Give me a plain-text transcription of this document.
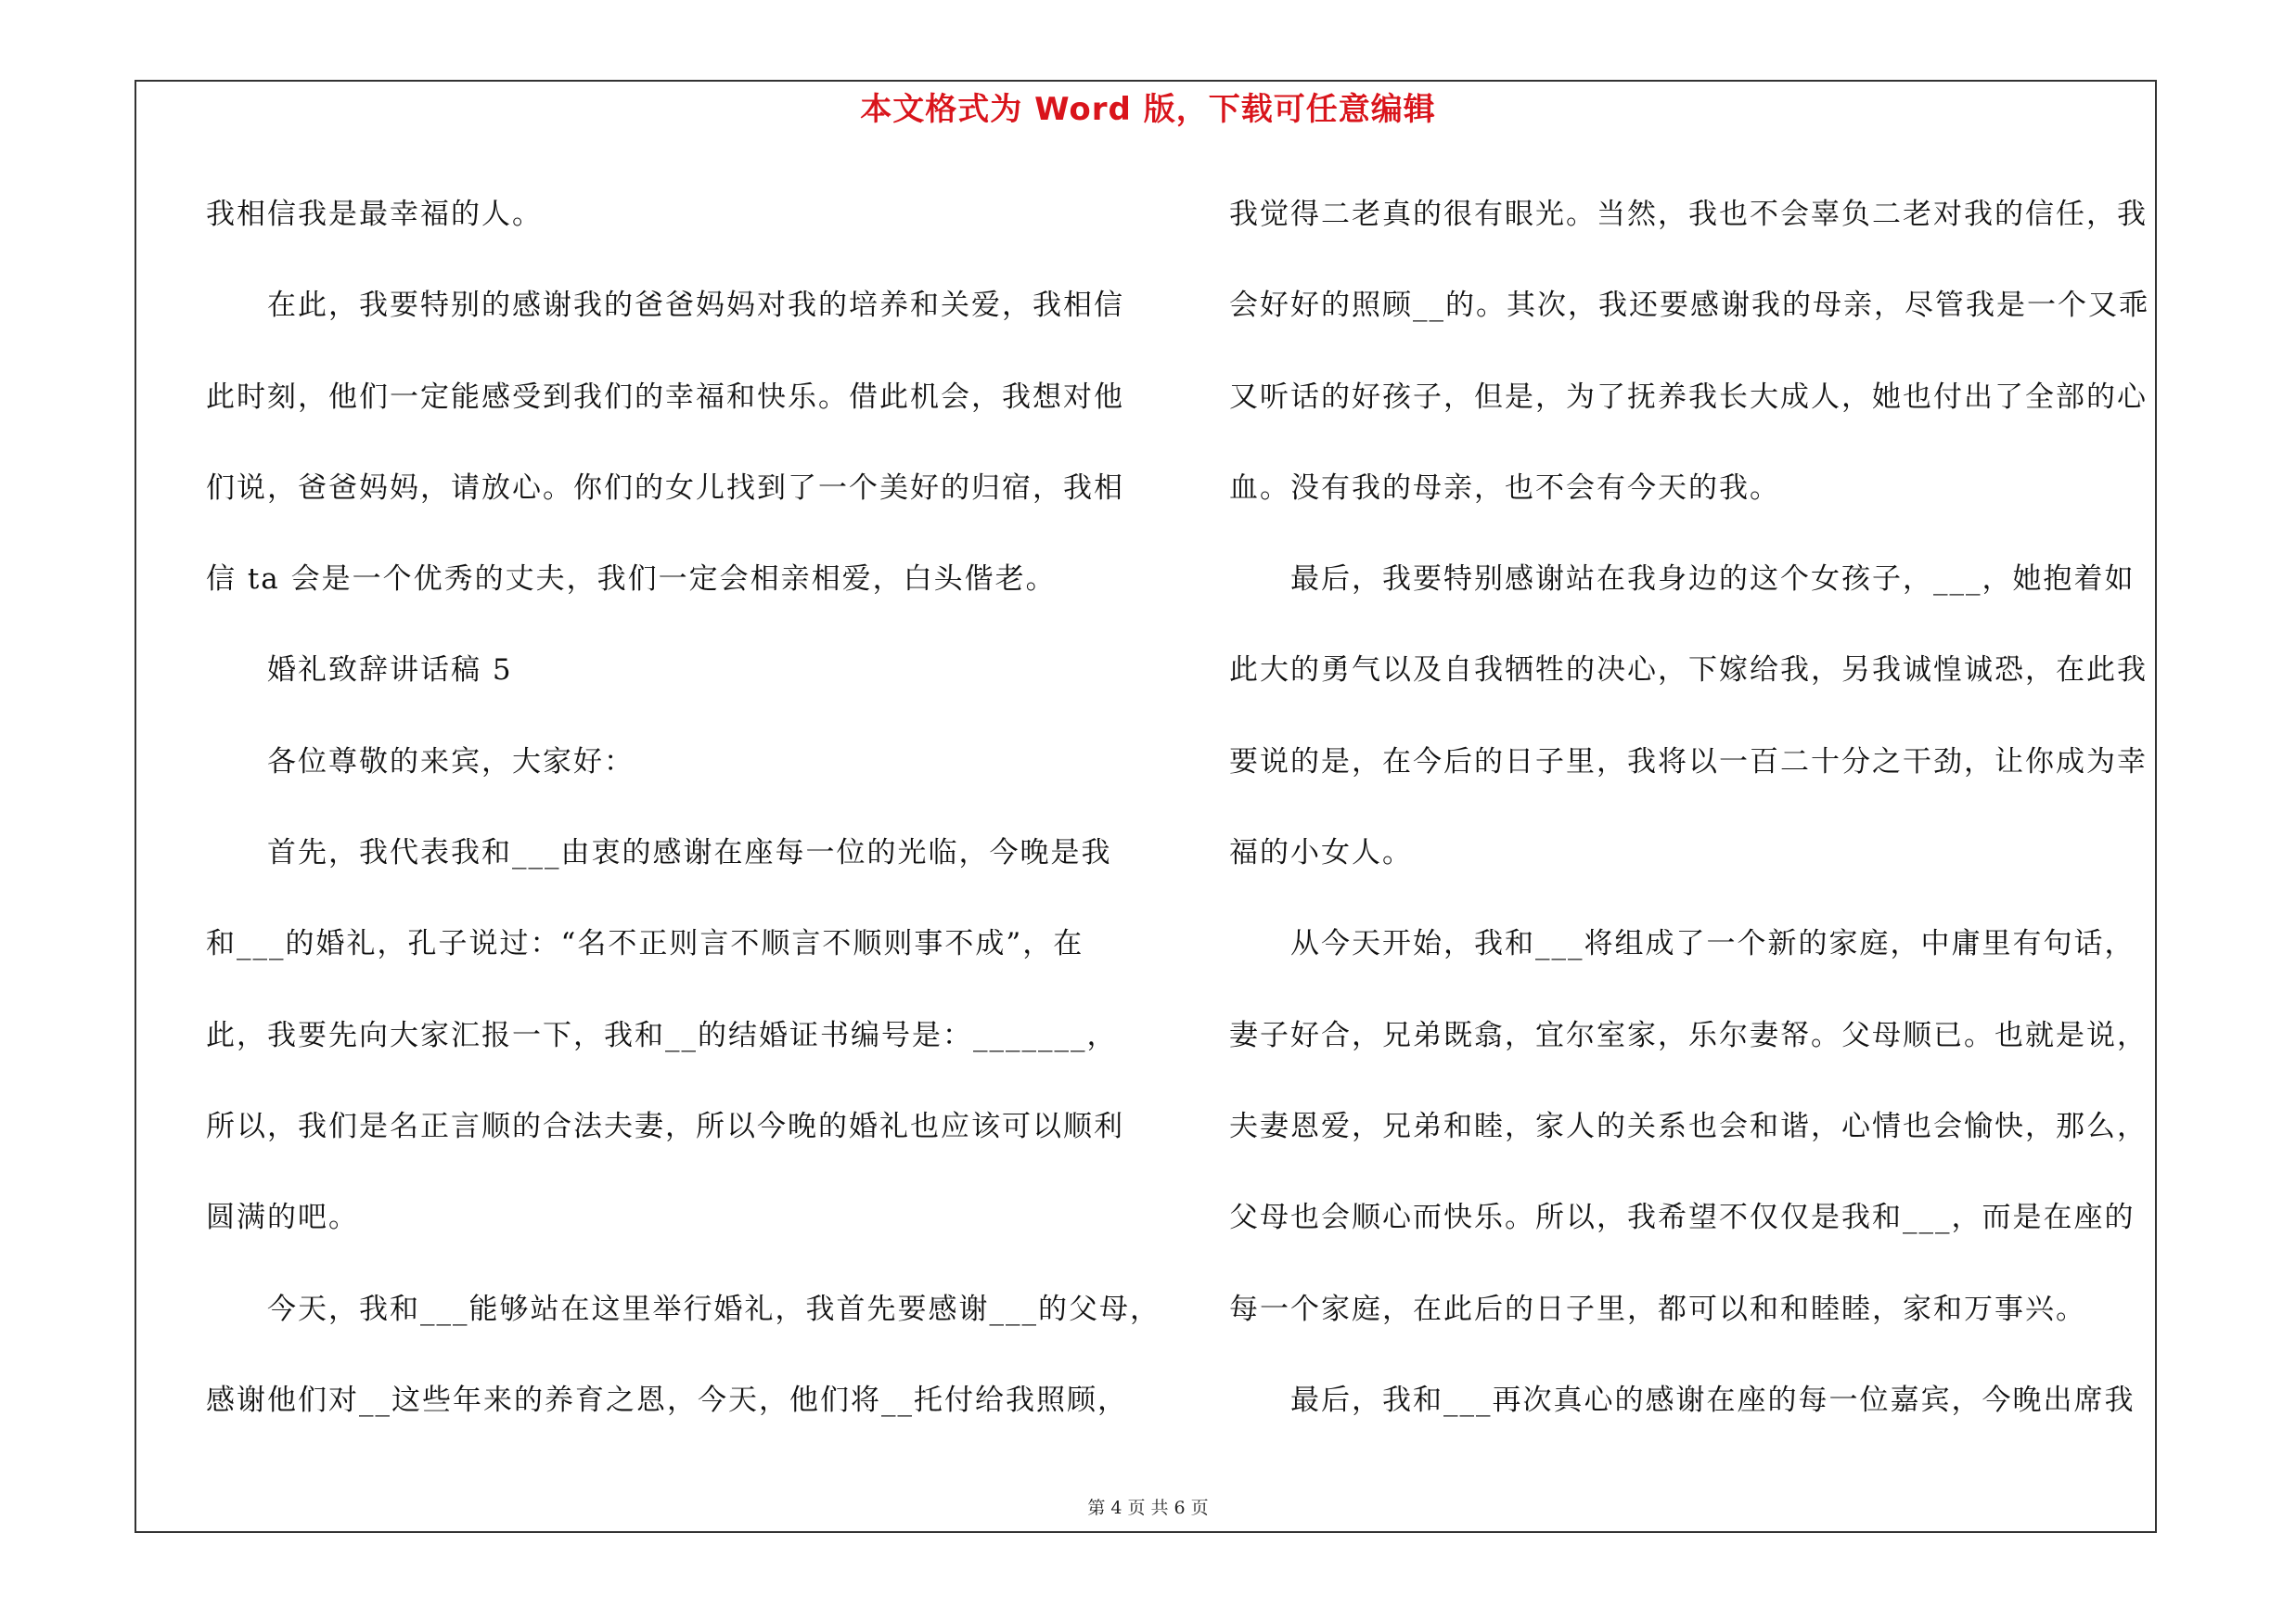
本文格式为 Word 版，下载可任意编辑
我相信我是最幸福的人。
　　在此，我要特别的感谢我的爸爸妈妈对我的培养和关爱，我相信
此时刻，他们一定能感受到我们的幸福和快乐。借此机会，我想对他
们说，爸爸妈妈，请放心。你们的女儿找到了一个美好的归宿，我相
信 ta 会是一个优秀的丈夫，我们一定会相亲相爱，白头偕老。
　　婚礼致辞讲话稿 5
　　各位尊敬的来宾，大家好：
　　首先，我代表我和___由衷的感谢在座每一位的光临，今晚是我
和___的婚礼，孔子说过：“名不正则言不顺言不顺则事不成”，在
此，我要先向大家汇报一下，我和__的结婚证书编号是：_______，
所以，我们是名正言顺的合法夫妻，所以今晚的婚礼也应该可以顺利
圆满的吧。
　　今天，我和___能够站在这里举行婚礼，我首先要感谢___的父母，
感谢他们对__这些年来的养育之恩，今天，他们将__托付给我照顾，
我觉得二老真的很有眼光。当然，我也不会辜负二老对我的信任，我
会好好的照顾__的。其次，我还要感谢我的母亲，尽管我是一个又乖
又听话的好孩子，但是，为了抚养我长大成人，她也付出了全部的心
血。没有我的母亲，也不会有今天的我。
　　最后，我要特别感谢站在我身边的这个女孩子，___，她抱着如
此大的勇气以及自我牺牲的决心，下嫁给我，另我诚惶诚恐，在此我
要说的是，在今后的日子里，我将以一百二十分之干劲，让你成为幸
福的小女人。
　　从今天开始，我和___将组成了一个新的家庭，中庸里有句话，
妻子好合，兄弟既翕，宜尔室家，乐尔妻帑。父母顺已。也就是说，
夫妻恩爱，兄弟和睦，家人的关系也会和谐，心情也会愉快，那么，
父母也会顺心而快乐。所以，我希望不仅仅是我和___，而是在座的
每一个家庭，在此后的日子里，都可以和和睦睦，家和万事兴。
　　最后，我和___再次真心的感谢在座的每一位嘉宾，今晚出席我
第 4 页 共 6 页
